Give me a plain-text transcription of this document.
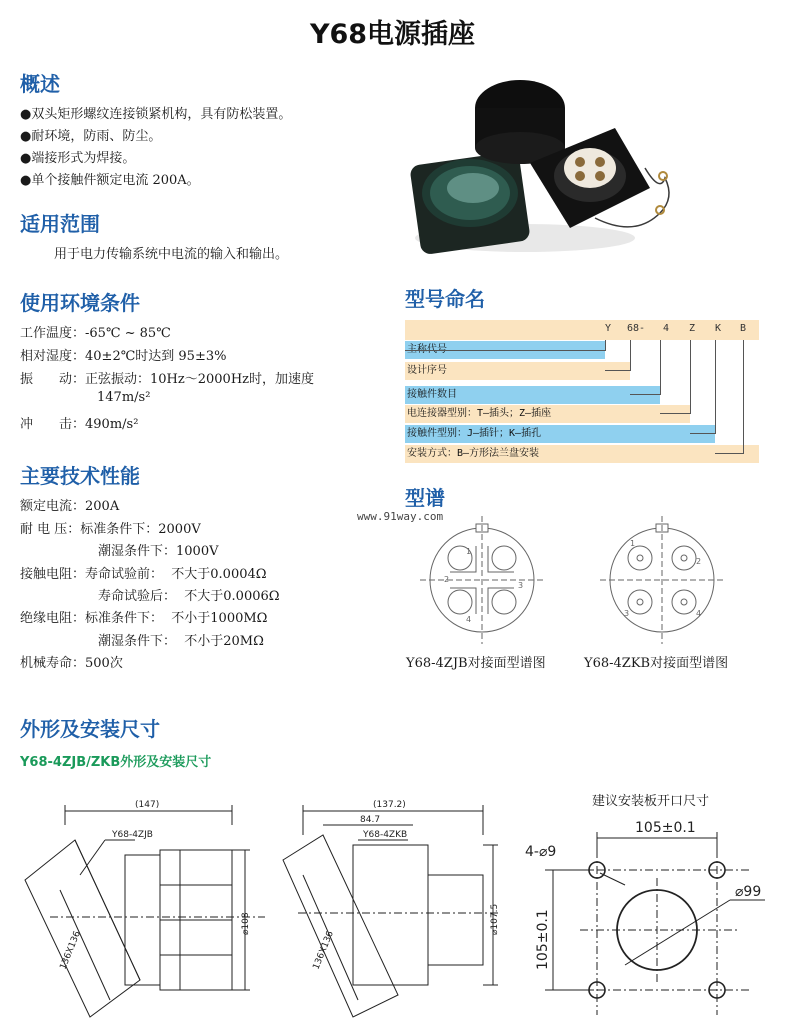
Y68电源插座
概述
●双头矩形螺纹连接锁紧机构，具有防松装置。
●耐环境，防雨、防尘。
●端接形式为焊接。
●单个接触件额定电流 200A。
适用范围
用于电力传输系统中电流的输入和输出。
使用环境条件
工作温度：-65℃ ~ 85℃
相对湿度：40±2℃时达到 95±3%
振　　动：正弦振动：10Hz～2000Hz时，加速度
147m/s²
冲　　击：490m/s²
主要技术性能
额定电流：200A
耐 电 压：标准条件下：2000V
潮湿条件下：1000V
接触电阻：寿命试验前：  不大于0.0004Ω
寿命试验后：  不大于0.0006Ω
绝缘电阻：标准条件下：  不小于1000MΩ
潮湿条件下：  不小于20MΩ
机械寿命：500次
型号命名
Y 68- 4 Z K B
主称代号
设计序号
接触件数目
电连接器型别：T—插头；Z—插座
接触件型别：J—插针；K—插孔
安装方式：B—方形法兰盘安装
型谱
www.91way.com
1
2
3
4
1
2
3	4
Y68-4ZJB对接面型谱图	Y68-4ZKB对接面型谱图
外形及安装尺寸
Y68-4ZJB/ZKB外形及安装尺寸
建议安装板开口尺寸
(147)
Y68-4ZJB
⌀108
136X136
(137.2)
84.7
Y68-4ZKB
⌀107.5
136X136
105±0.1
4-⌀9
⌀99
105±0.1
